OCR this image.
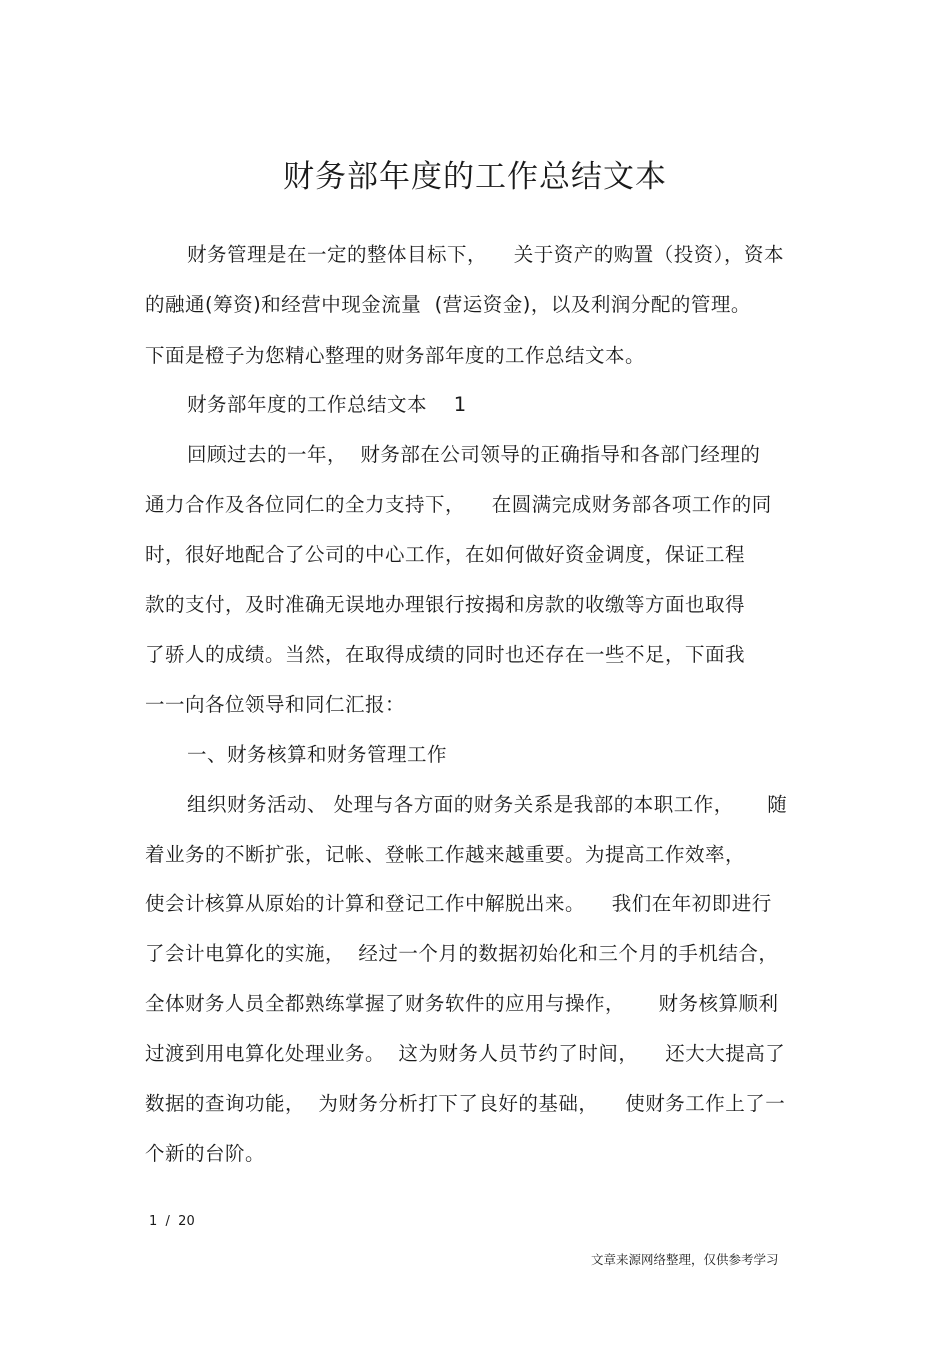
财务部年度的工作总结文本
财务管理是在一定的整体目标下，    关于资产的购置（投资），资本
的融通(筹资)和经营中现金流量  (营运资金)，以及利润分配的管理。
下面是橙子为您精心整理的财务部年度的工作总结文本。
财务部年度的工作总结文本    1
回顾过去的一年，  财务部在公司领导的正确指导和各部门经理的
通力合作及各位同仁的全力支持下，    在圆满完成财务部各项工作的同
时，很好地配合了公司的中心工作，在如何做好资金调度，保证工程
款的支付，及时准确无误地办理银行按揭和房款的收缴等方面也取得
了骄人的成绩。当然，在取得成绩的同时也还存在一些不足，下面我
一一向各位领导和同仁汇报：
一、财务核算和财务管理工作
组织财务活动、 处理与各方面的财务关系是我部的本职工作，     随
着业务的不断扩张，记帐、登帐工作越来越重要。为提高工作效率，
使会计核算从原始的计算和登记工作中解脱出来。    我们在年初即进行
了会计电算化的实施，  经过一个月的数据初始化和三个月的手机结合，
全体财务人员全都熟练掌握了财务软件的应用与操作，     财务核算顺利
过渡到用电算化处理业务。  这为财务人员节约了时间，    还大大提高了
数据的查询功能，  为财务分析打下了良好的基础，    使财务工作上了一
个新的台阶。
1  /  20
文章来源网络整理，仅供参考学习
